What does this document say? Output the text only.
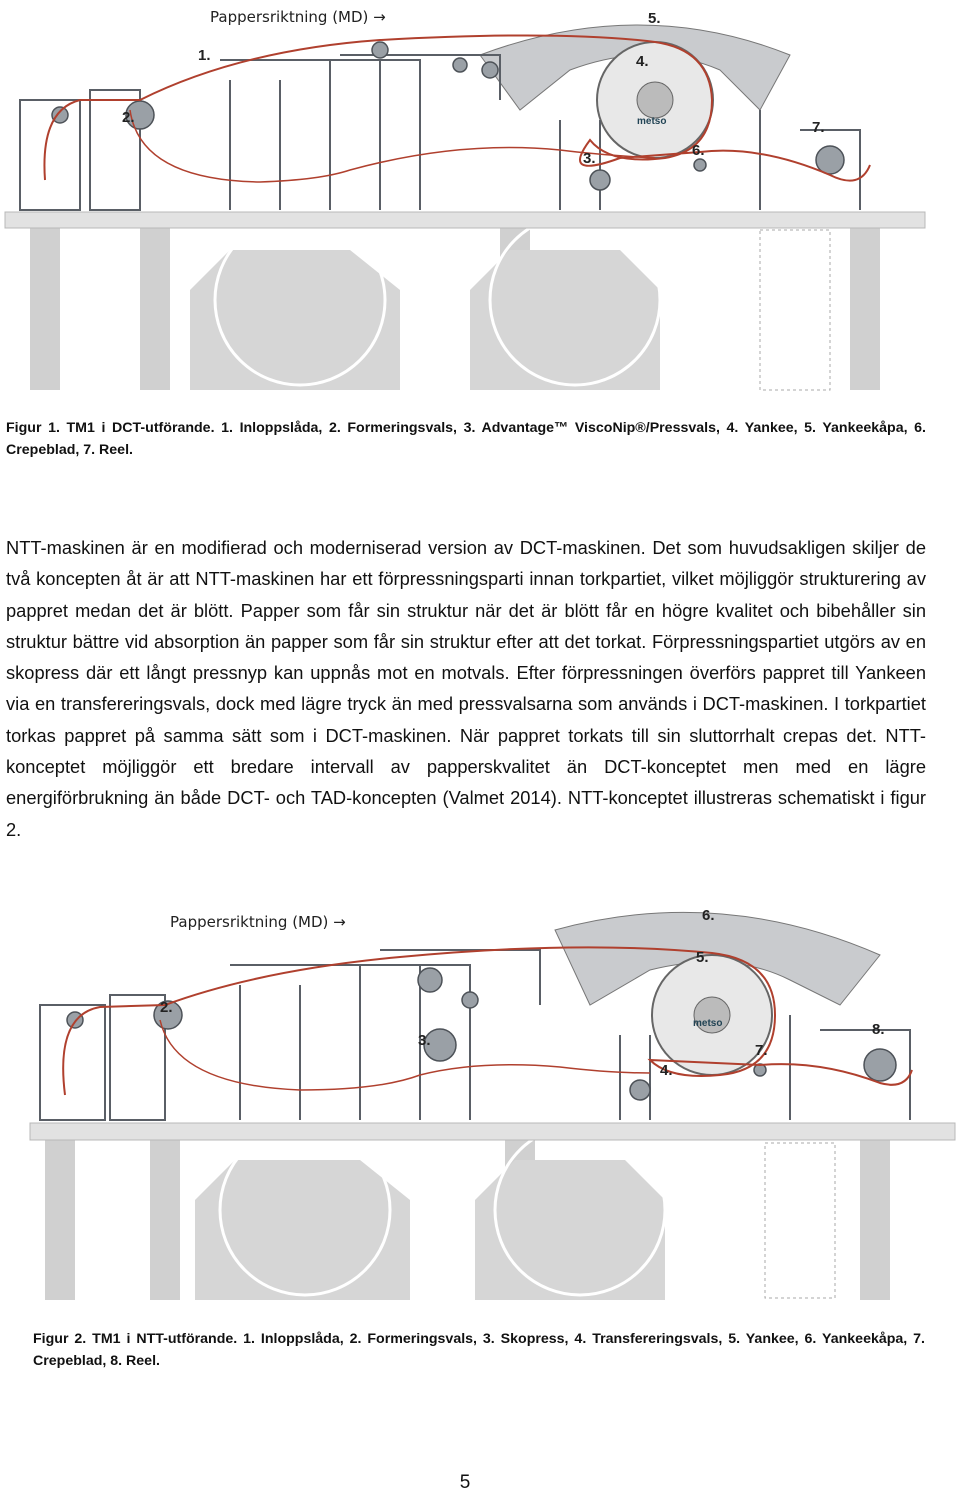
Pappersriktning (MD) →
metso
1.
2.
3.
4.
5.
6.
7.
Figur 1. TM1 i DCT-utförande. 1. Inloppslåda, 2. Formeringsvals, 3. Advantage™ ViscoNip®/Pressvals, 4. Yankee, 5. Yankeekåpa, 6. Crepeblad, 7. Reel.

NTT-maskinen är en modifierad och moderniserad version av DCT-maskinen. Det som huvudsakligen skiljer de två koncepten åt är att NTT-maskinen har ett förpressningsparti innan torkpartiet, vilket möjliggör strukturering av pappret medan det är blött. Papper som får sin struktur när det är blött får en högre kvalitet och bibehåller sin struktur bättre vid absorption än papper som får sin struktur efter att det torkat. Förpressningspartiet utgörs av en skopress där ett långt pressnyp kan uppnås mot en motvals. Efter förpressningen överförs pappret till Yankeen via en transfereringsvals, dock med lägre tryck än med pressvalsarna som används i DCT-maskinen. I torkpartiet torkas pappret på samma sätt som i DCT-maskinen. När pappret torkats till sin sluttorrhalt crepas det. NTT-konceptet möjliggör ett bredare intervall av papperskvalitet än DCT-konceptet men med en lägre energiförbrukning än både DCT- och TAD-koncepten (Valmet 2014). NTT-konceptet illustreras schematiskt i figur 2.

Pappersriktning (MD) →
metso
2.
3.
4.
5.
6.
7.
8.
Figur 2. TM1 i NTT-utförande. 1. Inloppslåda, 2. Formeringsvals, 3. Skopress, 4. Transfereringsvals, 5. Yankee, 6. Yankeekåpa, 7. Crepeblad, 8. Reel.
5
